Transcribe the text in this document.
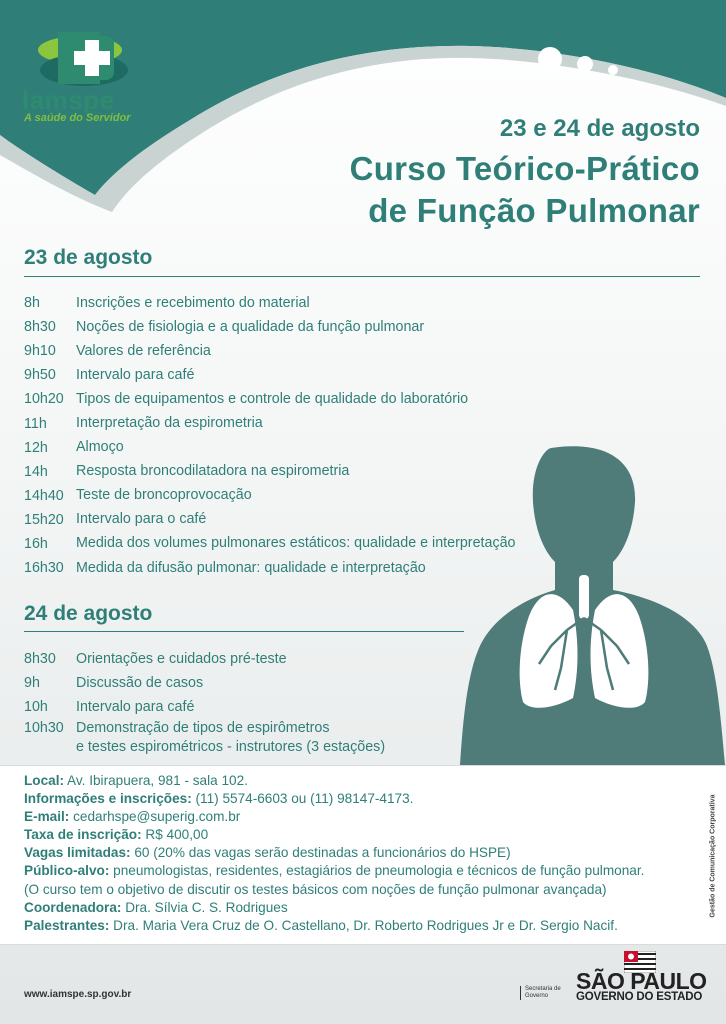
Iamspe
A saúde do Servidor	23 e 24 de agosto
Curso Teórico-Prático
de Função Pulmonar
23 de agosto
8h	Inscrições e recebimento do material
8h30	Noções de fisiologia e a qualidade da função pulmonar
9h10	Valores de referência
9h50	Intervalo para café
10h20 Tipos de equipamentos e controle de qualidade do laboratório
11h	Interpretação da espirometria
12h	Almoço
14h	Resposta broncodilatadora na espirometria
14h40 Teste de broncoprovocação
15h20 Intervalo para o café
16h	Medida dos volumes pulmonares estáticos: qualidade e interpretação
16h30 Medida da difusão pulmonar: qualidade e interpretação
24 de agosto
8h30	Orientações e cuidados pré-teste
9h	Discussão de casos
10h	Intervalo para café
10h30 Demonstração de tipos de espirômetros
e testes espirométricos - instrutores (3 estações)
Local: Av. Ibirapuera, 981 - sala 102.
Informações e inscrições: (11) 5574-6603 ou (11) 98147-4173.
E-mail: cedarhspe@superig.com.br
Taxa de inscrição: R$ 400,00
Vagas limitadas: 60 (20% das vagas serão destinadas a funcionários do HSPE)
Público-alvo: pneumologistas, residentes, estagiários de pneumologia e técnicos de função pulmonar.
(O curso tem o objetivo de discutir os testes básicos com noções de função pulmonar avançada)
Coordenadora: Dra. Sílvia C. S. Rodrigues
Palestrantes: Dra. Maria Vera Cruz de O. Castellano, Dr. Roberto Rodrigues Jr e Dr. Sergio Nacif.
Gestão de Comunicação Corporativa
www.iamspe.sp.gov.br	Secretaria de
Governo
SÃO PAULO
GOVERNO DO ESTADO
